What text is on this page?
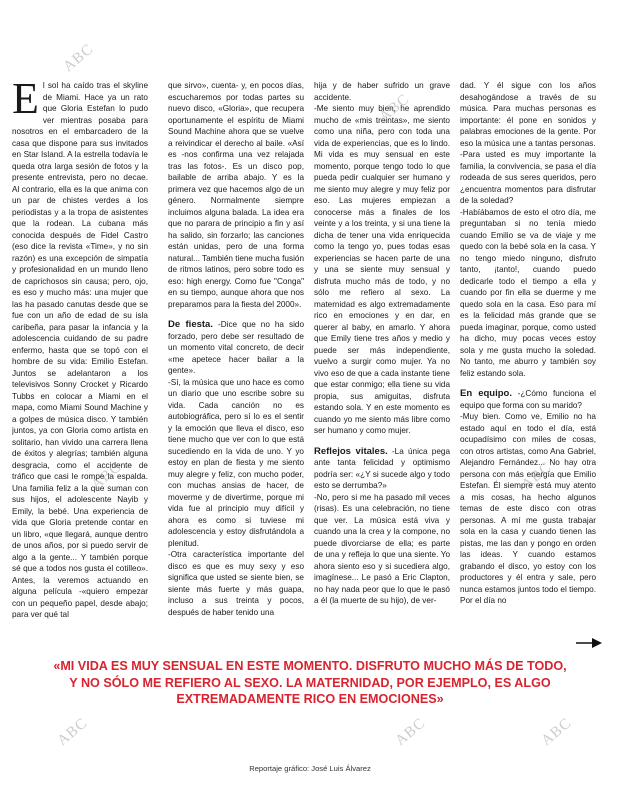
E l sol ha caído tras el skyline de Miami. Hace ya un rato que Gloria Estefan lo pudo ver mientras posaba para nosotros en el embarcadero de la casa que dispone para sus invitados en Star Island. A la estrella todavía le queda otra larga sesión de fotos y la presente entrevista, pero no decae. Al contrario, ella es la que anima con un par de chistes verdes a los periodistas y a la tropa de asistentes que la rodean. La cubana más conocida después de Fidel Castro (eso dice la revista «Time», y no sin razón) es una excepción de simpatía y profesionalidad en un mundo lleno de caprichosos sin causa; pero, ojo, es eso y mucho más: una mujer que las ha pasado canutas desde que se fue con un año de edad de su isla caribeña, para pasar la infancia y la adolescencia cuidando de su padre enfermo, hasta que se topó con el hombre de su vida: Emilio Estefan. Juntos se adelantaron a los televisivos Sonny Crocket y Ricardo Tubbs en colocar a Miami en el mapa, como Miami Sound Machine y a golpes de música disco. Y también juntos, ya con Gloria como artista en solitario, han vivido una carrera llena de éxitos y alegrías; también alguna desgracia, como el accidente de tráfico que casi le rompe la espalda. Una familia feliz a la que suman con sus hijos, el adolescente Nayib y Emily, la bebé. Una experiencia de vida que Gloria pretende contar en un libro, «que llegará, aunque dentro de unos años, por si puedo servir de algo a la gente... Y también porque sé que a todos nos gusta el cotilleo». Antes, la veremos actuando en alguna película -«quiero empezar con un pequeño papel, desde abajo; para ver qué tal

que sirvo», cuenta- y, en pocos días, escucharemos por todas partes su nuevo disco, «Gloria», que recupera oportunamente el espíritu de Miami Sound Machine ahora que se vuelve a reivindicar el derecho al baile. «Así es -nos confirma una vez relajada tras las fotos-. Es un disco pop, bailable de arriba abajo. Y es la primera vez que hacemos algo de un género. Normalmente siempre incluimos alguna balada. La idea era que no parara de principio a fin y así ha salido, sin forzarlo; las canciones están unidas, pero de una forma natural... También tiene mucha fusión de ritmos latinos, pero sobre todo es eso: high energy. Como fue "Conga" en su tiempo, aunque ahora que nos preparamos para la fiesta del 2000».

De fiesta. -Dice que no ha sido forzado, pero debe ser resultado de un momento vital concreto, de decir «me apetece hacer bailar a la gente».

-Sí, la música que uno hace es como un diario que uno escribe sobre su vida. Cada canción no es autobiográfica, pero sí lo es el sentir y la emoción que lleva el disco, eso tiene mucho que ver con lo que está sucediendo en la vida de uno. Y yo estoy en plan de fiesta y me siento muy alegre y feliz, con mucho poder, con muchas ansias de hacer, de moverme y de divertirme, porque mi vida fue al principio muy difícil y ahora es como si tuviese mi adolescencia y estoy disfrutándola a plenitud.

-Otra característica importante del disco es que es muy sexy y eso significa que usted se siente bien, se siente más fuerte y más guapa, incluso a sus treinta y pocos, después de haber tenido una

hija y de haber sufrido un grave accidente.

-Me siento muy bien, he aprendido mucho de «mis treintas», me siento como una niña, pero con toda una vida de experiencias, que es lo lindo. Mi vida es muy sensual en este momento, porque tengo todo lo que pueda pedir cualquier ser humano y me siento muy alegre y muy feliz por eso. Las mujeres empiezan a conocerse más a finales de los veinte y a los treinta, y si una tiene la dicha de tener una vida enriquecida como la tengo yo, pues todas esas experiencias se hacen parte de una y una se siente muy sensual y disfruta mucho más de todo, y no sólo me refiero al sexo. La maternidad es algo extremadamente rico en emociones y en dar, en querer al baby, en amarlo. Y ahora que Emily tiene tres años y medio y puede ser más independiente, vuelvo a surgir como mujer. Ya no vivo eso de que a cada instante tiene que estar conmigo; ella tiene su vida propia, sus amiguitas, disfruta estando sola. Y en este momento es cuando yo me siento más libre como ser humano y como mujer.

Reflejos vitales. -La única pega ante tanta felicidad y optimismo podría ser: «¿Y si sucede algo y todo esto se derrumba?»

-No, pero si me ha pasado mil veces (risas). Es una celebración, no tiene que ver. La música está viva y cuando una la crea y la compone, no puede divorciarse de ella; es parte de una y refleja lo que una siente. Yo ahora siento eso y si sucediera algo, imagínese... Le pasó a Eric Clapton, no hay nada peor que lo que le pasó a él (la muerte de su hijo), de ver-

dad. Y él sigue con los años desahogándose a través de su música. Para muchas personas es importante: él pone en sonidos y palabras emociones de la gente. Por eso la música une a tantas personas.

-Para usted es muy importante la familia, la convivencia, se pasa el día rodeada de sus seres queridos, pero ¿encuentra momentos para disfrutar de la soledad?

-Habíábamos de esto el otro día, me preguntaban si no tenía miedo cuando Emilio se va de viaje y me quedo con la bebé sola en la casa. Y no tengo miedo ninguno, disfruto tanto, ¡tanto!, cuando puedo dedicarle todo el tiempo a ella y cuando por fin ella se duerme y me quedo sola en la casa. Eso para mí es la felicidad más grande que se pueda imaginar, porque, como usted ha dicho, muy pocas veces estoy sola y me gusta mucho la soledad. No tanto, me aburro y también soy feliz estando sola.

En equipo. -¿Cómo funciona el equipo que forma con su marido?

-Muy bien. Como ve, Emilio no ha estado aquí en todo el día, está ocupadísimo con miles de cosas, con otros artistas, como Ana Gabriel, Alejandro Fernández... No hay otra persona con más energía que Emilio Estefan. Él siempre está muy atento a mis cosas, ha hecho algunos temas de este disco con otras personas. A mí me gusta trabajar sola en la casa y cuando tienen las pistas, me las dan y pongo en orden las ideas. Y cuando estamos grabando el disco, yo estoy con los productores y él entra y sale, pero nunca estamos juntos todo el tiempo. Por el día no

«MI VIDA ES MUY SENSUAL EN ESTE MOMENTO. DISFRUTO MUCHO MÁS DE TODO, Y NO SÓLO ME REFIERO AL SEXO. LA MATERNIDAD, POR EJEMPLO, ES ALGO EXTREMADAMENTE RICO EN EMOCIONES»
Reportaje gráfico: José Luis Álvarez
ABC
ABC
ABC	ABC
ABC	ABC	ABC
